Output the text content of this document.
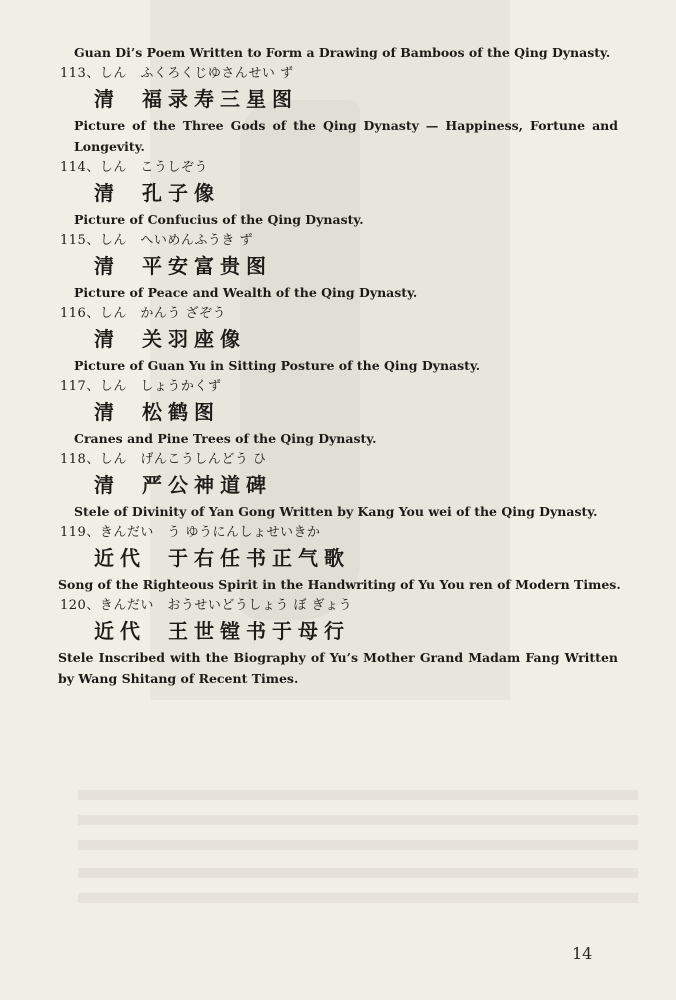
Guan Di’s Poem Written to Form a Drawing of Bamboos of the Qing Dynasty.
113、しん　ふくろくじゆさんせい ず
清 福录寿三星图
Picture of the Three Gods of the Qing Dynasty — Happiness, Fortune and Longevity.
114、しん　こうしぞう
清 孔子像
Picture of Confucius of the Qing Dynasty.
115、しん　へいめんふうき ず
清 平安富贵图
Picture of Peace and Wealth of the Qing Dynasty.
116、しん　かんう ざぞう
清 关羽座像
Picture of Guan Yu in Sitting Posture of the Qing Dynasty.
117、しん　しょうかくず
清 松鹤图
Cranes and Pine Trees of the Qing Dynasty.
118、しん　げんこうしんどう ひ
清 严公神道碑
Stele of Divinity of Yan Gong Written by Kang You wei of the Qing Dynasty.
119、きんだい　う ゆうにんしょせいきか
近代 于右任书正气歌
Song of the Righteous Spirit in the Handwriting of Yu You ren of Modern Times.
120、きんだい　おうせいどうしょう ぼ ぎょう
近代 王世镗书于母行
Stele Inscribed with the Biography of Yu’s Mother Grand Madam Fang Written by Wang Shitang of Recent Times.
14
